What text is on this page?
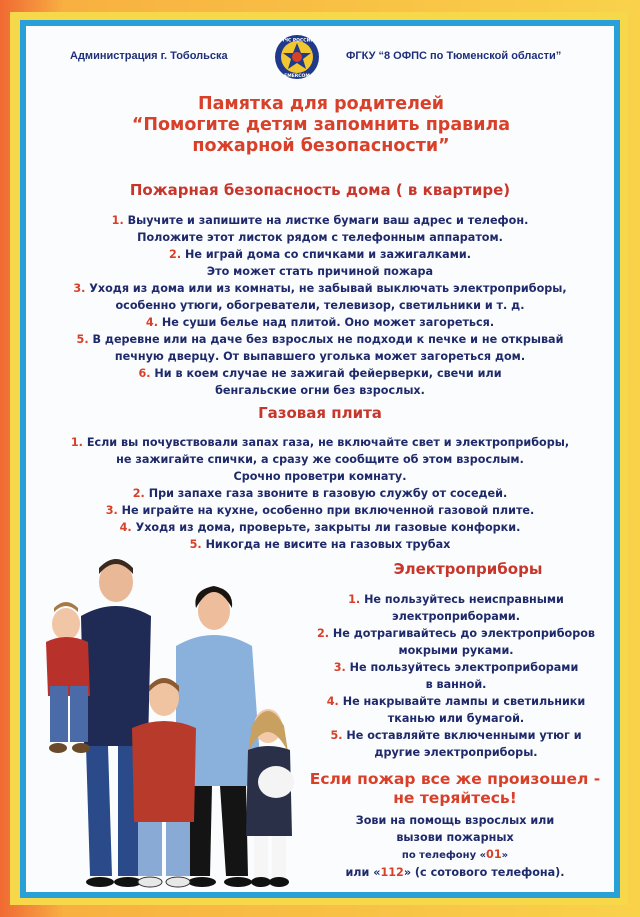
Администрация г. Тобольска
МЧС РОССИИ
EMERCOM
ФГКУ “8 ОФПС по Тюменской области”
Памятка для родителей
“Помогите детям запомнить правила
пожарной безопасности”
Пожарная безопасность дома ( в квартире)
1. Выучите и запишите на листке бумаги ваш адрес и телефон.
Положите этот листок рядом с телефонным аппаратом.
2. Не играй дома со спичками и зажигалками.
Это может стать причиной пожара
3. Уходя из дома или из комнаты, не забывай выключать электроприборы,
особенно утюги, обогреватели, телевизор, светильники и т. д.
4. Не суши белье над плитой. Оно может загореться.
5. В деревне или на даче без взрослых не подходи к печке и не открывай
печную дверцу. От выпавшего уголька может загореться дом.
6. Ни в коем случае не зажигай фейерверки, свечи или
бенгальские огни без взрослых.
Газовая плита
1. Если вы почувствовали запах газа, не включайте свет и электроприборы,
не зажигайте спички, а сразу же сообщите об этом взрослым.
Срочно проветри комнату.
2. При запахе газа звоните в газовую службу от соседей.
3. Не играйте на кухне, особенно при включенной газовой плите.
4. Уходя из дома, проверьте, закрыты ли газовые конфорки.
5. Никогда не висите на газовых трубах
Электроприборы
1. Не пользуйтесь неисправными
электроприборами.
2. Не дотрагивайтесь до электроприборов
мокрыми руками.
3. Не пользуйтесь электроприборами
в ванной.
4. Не накрывайте лампы и светильники
тканью или бумагой.
5. Не оставляйте включенными утюг и
другие электроприборы.
Если пожар все же произошел -
не теряйтесь!
Зови на помощь взрослых или
вызови пожарных
по телефону «01»
или «112» (с сотового телефона).
